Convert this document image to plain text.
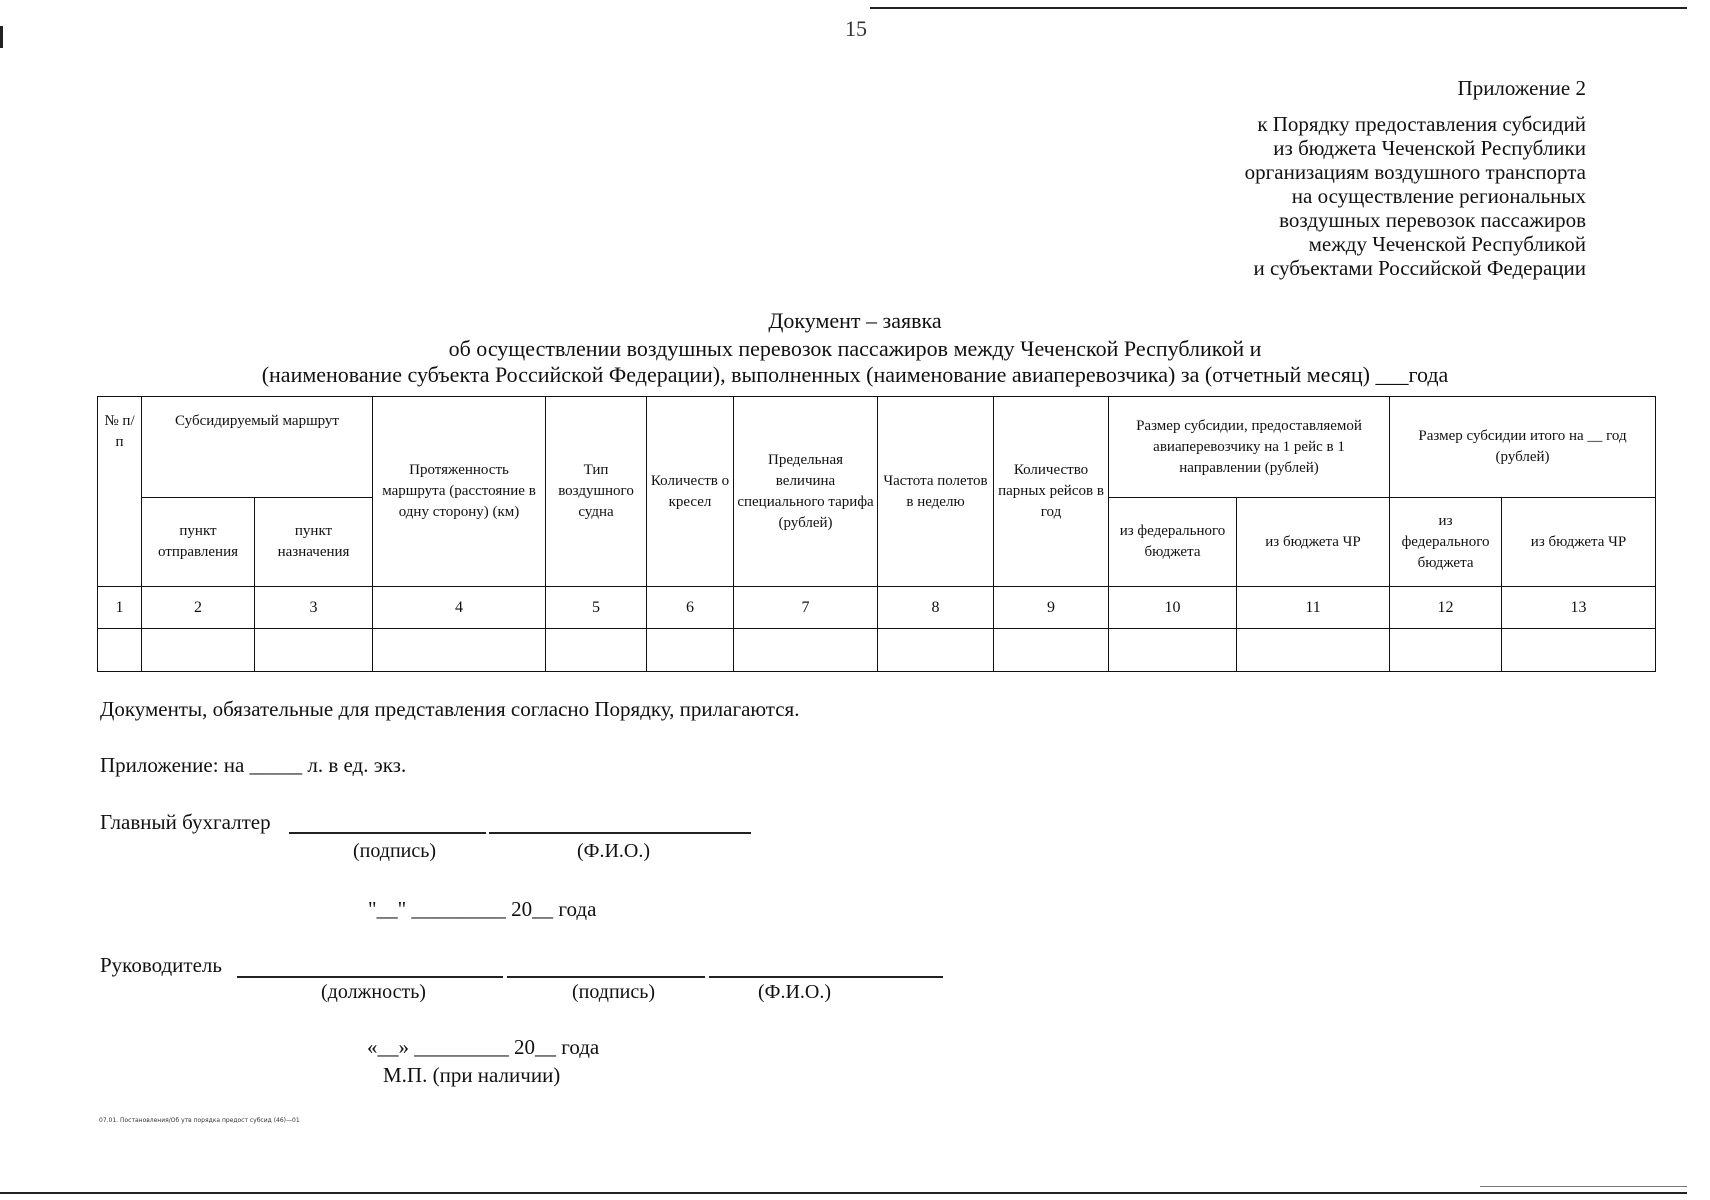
15
Приложение 2
к Порядку предоставления субсидий
из бюджета Чеченской Республики
организациям воздушного транспорта
на осуществление региональных
воздушных перевозок пассажиров
между Чеченской Республикой
и субъектами Российской Федерации
Документ – заявка
об осуществлении воздушных перевозок пассажиров между Чеченской Республикой и
(наименование субъекта Российской Федерации), выполненных (наименование авиаперевозчика) за (отчетный месяц) ___года
№ п/п	Субсидируемый маршрут		Протяженность маршрута (расстояние в одну сторону) (км)	Тип воздушного судна	Количеств о кресел	Предельная величина специального тарифа (рублей)	Частота полетов в неделю	Количество парных рейсов в год	Размер субсидии, предоставляемой авиаперевозчику на 1 рейс в 1 направлении (рублей)		Размер субсидии итого на __ год (рублей)	
	пункт отправления	пункт назначения							из федерального бюджета	из бюджета ЧР	из федерального бюджета	из бюджета ЧР
1	2	3	4	5	6	7	8	9	10	11	12	13

Документы, обязательные для представления согласно Порядку, прилагаются.
Приложение: на _____ л. в ед. экз.
Главный бухгалтер
(подпись)	(Ф.И.О.)
"__" _________ 20__ года
Руководитель
(должность)	(подпись)	(Ф.И.О.)
«__» _________ 20__ года
М.П. (при наличии)
07.01. Постановления/Об утв порядка предост субсид (46)—01
